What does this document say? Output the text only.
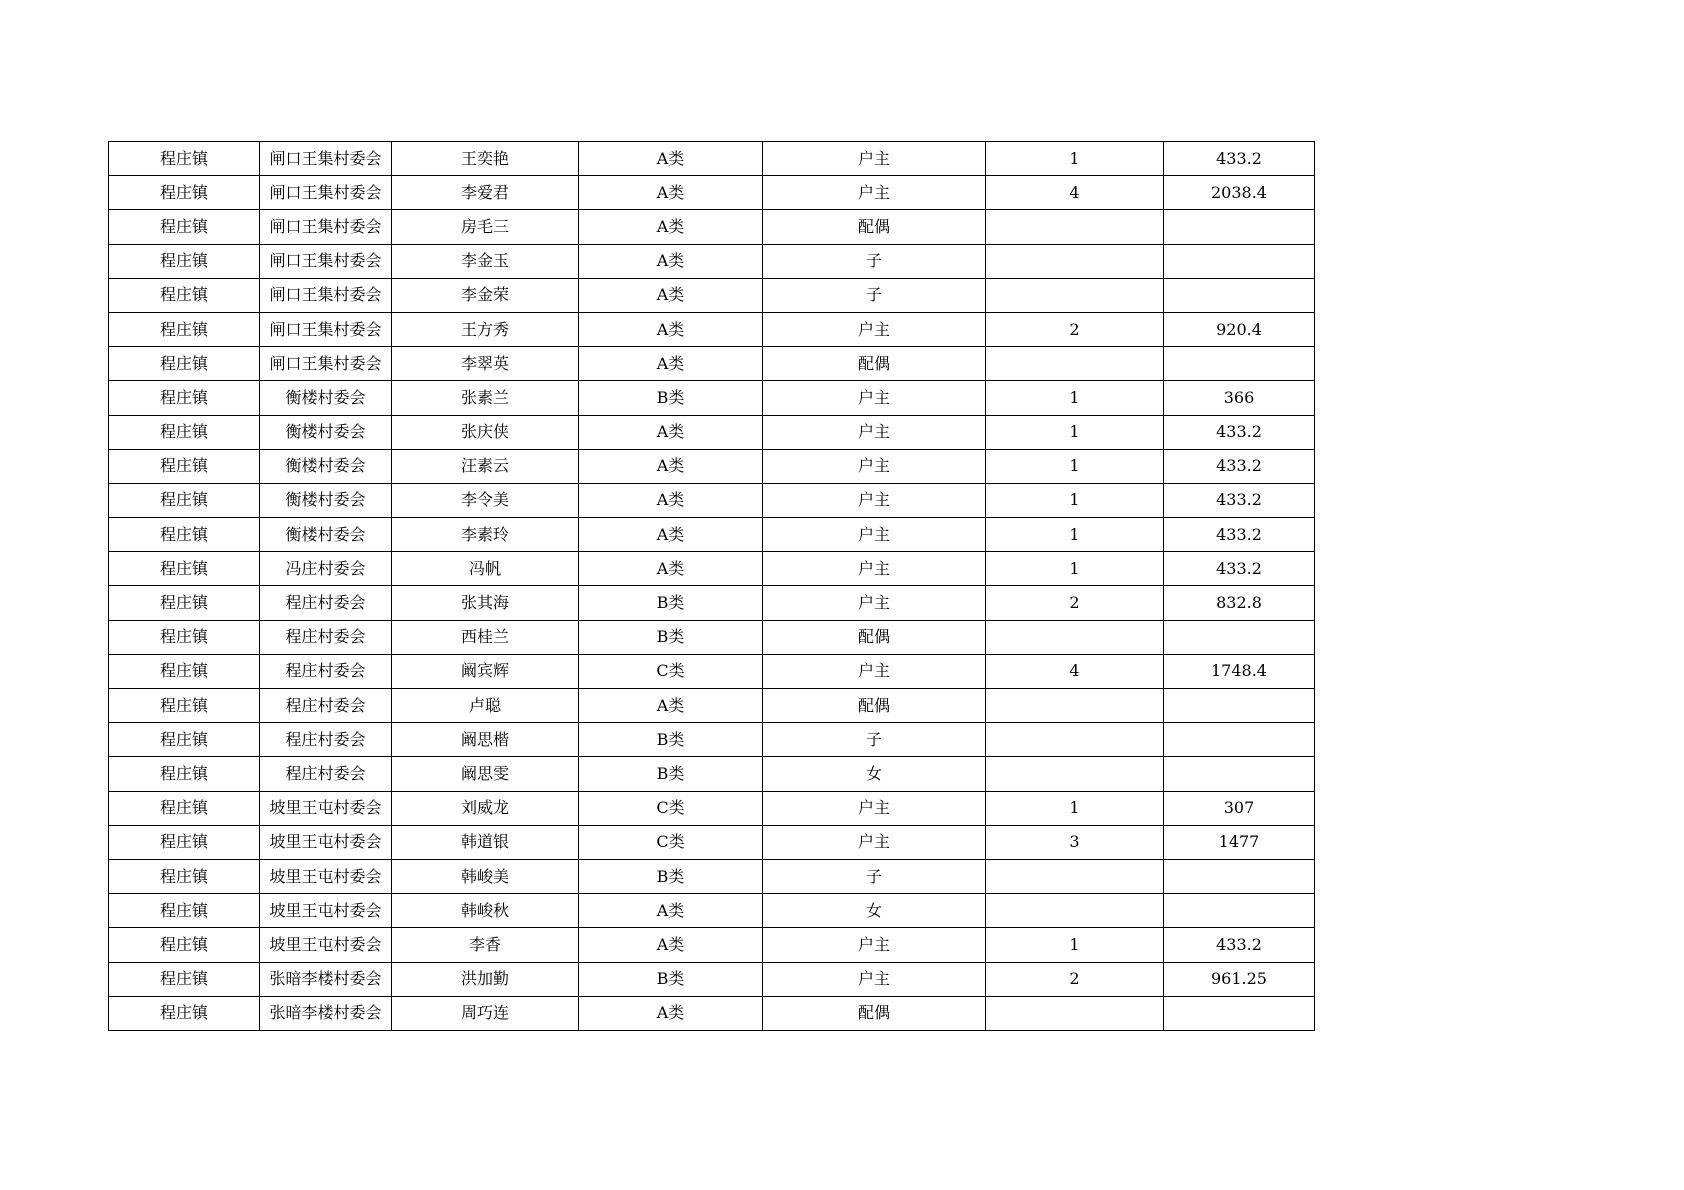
程庄镇	闸口王集村委会	王奕艳	A类	户主	1	433.2
程庄镇	闸口王集村委会	李爱君	A类	户主	4	2038.4
程庄镇	闸口王集村委会	房毛三	A类	配偶		
程庄镇	闸口王集村委会	李金玉	A类	子		
程庄镇	闸口王集村委会	李金荣	A类	子		
程庄镇	闸口王集村委会	王方秀	A类	户主	2	920.4
程庄镇	闸口王集村委会	李翠英	A类	配偶		
程庄镇	衡楼村委会	张素兰	B类	户主	1	366
程庄镇	衡楼村委会	张庆侠	A类	户主	1	433.2
程庄镇	衡楼村委会	汪素云	A类	户主	1	433.2
程庄镇	衡楼村委会	李令美	A类	户主	1	433.2
程庄镇	衡楼村委会	李素玲	A类	户主	1	433.2
程庄镇	冯庄村委会	冯帆	A类	户主	1	433.2
程庄镇	程庄村委会	张其海	B类	户主	2	832.8
程庄镇	程庄村委会	西桂兰	B类	配偶		
程庄镇	程庄村委会	阚宾辉	C类	户主	4	1748.4
程庄镇	程庄村委会	卢聪	A类	配偶		
程庄镇	程庄村委会	阚思楷	B类	子		
程庄镇	程庄村委会	阚思雯	B类	女		
程庄镇	坡里王屯村委会	刘威龙	C类	户主	1	307
程庄镇	坡里王屯村委会	韩道银	C类	户主	3	1477
程庄镇	坡里王屯村委会	韩峻美	B类	子		
程庄镇	坡里王屯村委会	韩峻秋	A类	女		
程庄镇	坡里王屯村委会	李香	A类	户主	1	433.2
程庄镇	张暗李楼村委会	洪加勤	B类	户主	2	961.25
程庄镇	张暗李楼村委会	周巧连	A类	配偶		
